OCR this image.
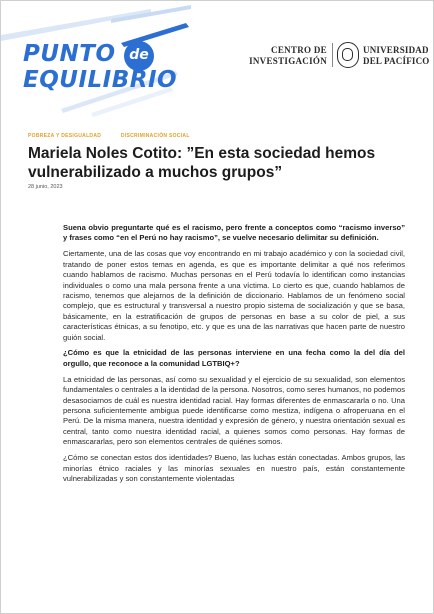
PUNTO de
EQUILIBRIO
CENTRO DE INVESTIGACIÓN
UNIVERSIDAD DEL PACÍFICO
POBREZA Y DESIGUALDAD	DISCRIMINACIÓN SOCIAL
Mariela Noles Cotito: ”En esta sociedad hemos vulnerabilizado a muchos grupos”
28 junio, 2023

Suena obvio preguntarte qué es el racismo, pero frente a conceptos como “racismo inverso” y frases como “en el Perú no hay racismo”, se vuelve necesario delimitar su definición.

Ciertamente, una de las cosas que voy encontrando en mi trabajo académico y con la sociedad civil, tratando de poner estos temas en agenda, es que es importante delimitar a qué nos referimos cuando hablamos de racismo. Muchas personas en el Perú todavía lo identifican como instancias individuales o como una mala persona frente a una víctima. Lo cierto es que, cuando hablamos de racismo, tenemos que alejarnos de la definición de diccionario. Hablamos de un fenómeno social complejo, que es estructural y transversal a nuestro propio sistema de socialización y que se basa, básicamente, en la estratificación de grupos de personas en base a su color de piel, a sus características étnicas, a su fenotipo, etc. y que es una de las narrativas que hacen parte de nuestro guión social.

¿Cómo es que la etnicidad de las personas interviene en una fecha como la del día del orgullo, que reconoce a la comunidad LGTBIQ+?

La etnicidad de las personas, así como su sexualidad y el ejercicio de su sexualidad, son elementos fundamentales o centrales a la identidad de la persona. Nosotros, como seres humanos, no podemos desasociarnos de cuál es nuestra identidad racial. Hay formas diferentes de enmascararla o no. Una persona suficientemente ambigua puede identificarse como mestiza, indígena o afroperuana en el Perú. De la misma manera, nuestra identidad y expresión de género, y nuestra orientación sexual es central, tanto como nuestra identidad racial, a quienes somos como personas. Hay formas de enmascararlas, pero son elementos centrales de quiénes somos.

¿Cómo se conectan estos dos identidades? Bueno, las luchas están conectadas. Ambos grupos, las minorías étnico raciales y las minorías sexuales en nuestro país, están constantemente vulnerabilizadas y son constantemente violentadas
